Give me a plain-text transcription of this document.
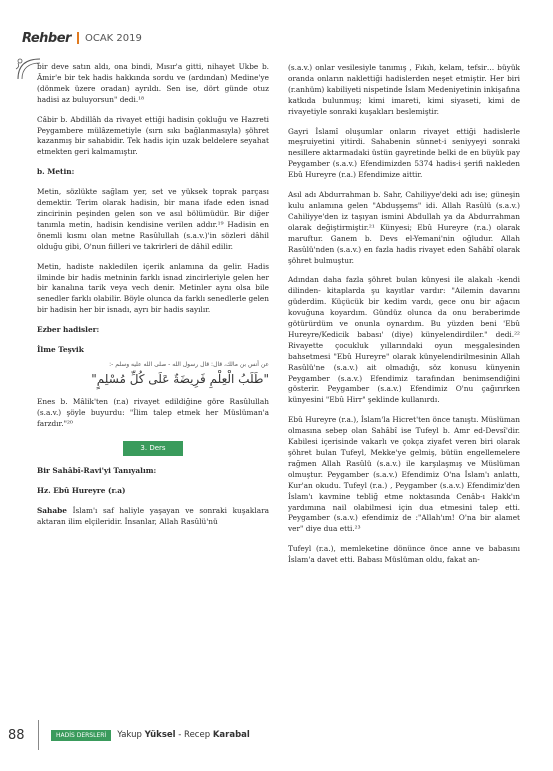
Rehber OCAK 2019

bir deve satın aldı, ona bindi, Mısır'a gitti, nihayet Ukbe b. Âmir'e bir tek hadis hakkında sordu ve (ardından) Medine'ye (dönmek üzere oradan) ayrıldı. Sen ise, dört günde otuz hadisi az buluyorsun" dedi.¹⁸

Câbir b. Abdillâh da rivayet ettiği hadisin çokluğu ve Hazreti Peygambere mülâzemetiyle (sırn sıkı bağlanmasıyla) şöhret kazanmış bir sahabidir. Tek hadis için uzak beldelere seyahat etmekten geri kalmamıştır.

b. Metin:

Metin, sözlükte sağlam yer, set ve yüksek toprak parçası demektir. Terim olarak hadisin, bir mana ifade eden isnad zincirinin peşinden gelen son ve asıl bölümüdür. Bir diğer tanımla metin, hadisin kendisine verilen addır.¹⁹ Hadisin en önemli kısmı olan metne Rasûlullah (s.a.v.)'in sözleri dâhil olduğu gibi, O'nun fiilleri ve takrirleri de dâhil edilir.

Metin, hadiste nakledilen içerik anlamına da gelir. Hadis ilminde bir hadis metninin farklı isnad zincirleriyle gelen her bir kanalına tarik veya vech denir. Metinler aynı olsa bile senedler farklı olabilir. Böyle olunca da farklı senedlerle gelen bir hadisin her bir isnadı, ayrı bir hadis sayılır.

Ezber hadisler:

İlme Teşvik

عن أنس بن مالك، قال: قال رسول الله - صلى الله عليه وسلم -:
"طَلَبُ الْعِلْمِ فَرِيضَةٌ عَلَى كُلِّ مُسْلِمٍ"

Enes b. Mâlik'ten (r.a) rivayet edildiğine göre Rasûlullah (s.a.v.) şöyle buyurdu: "İlim talep etmek her Müslüman'a farzdır."²⁰

3. Ders

Bir Sahâbî-Ravi'yi Tanıyalım:

Hz. Ebû Hureyre (r.a)

Sahabe İslam'ı saf haliyle yaşayan ve sonraki kuşaklara aktaran ilim elçileridir. İnsanlar, Allah Rasûlü'nü

(s.a.v.) onlar vesilesiyle tanımış , Fıkıh, kelam, tefsir… büyük oranda onların naklettiği hadislerden neşet etmiştir. Her biri (r.anhüm) kabiliyeti nispetinde İslam Medeniyetinin inkişafına katkıda bulunmuş; kimi imareti, kimi siyaseti, kimi de rivayetiyle sonraki kuşakları beslemiştir.

Gayri İslamî oluşumlar onların rivayet ettiği hadislerle meşruiyetini yitirdi. Sahabenin sünnet-i seniyyeyi sonraki nesillere aktarmadaki üstün gayretinde belki de en büyük pay Peygamber (s.a.v.) Efendimizden 5374 hadis-i şerifi nakleden Ebû Hureyre (r.a.) Efendimize aittir.

Asıl adı Abdurrahman b. Sahr, Cahiliyye'deki adı ise; güneşin kulu anlamına gelen "Abduşşems" idi. Allah Rasûlü (s.a.v.) Cahiliyye'den iz taşıyan ismini Abdullah ya da Abdurrahman olarak değiştirmiştir.²¹ Künyesi; Ebû Hureyre (r.a.) olarak maruftur. Ganem b. Devs el-Yemani'nin oğludur. Allah Rasûlü'nden (s.a.v.) en fazla hadis rivayet eden Sahâbî olarak şöhret bulmuştur.

Adından daha fazla şöhret bulan künyesi ile alakalı -kendi dilinden- kitaplarda şu kayıtlar vardır: "Ailemin davarını güderdim. Küçücük bir kedim vardı, gece onu bir ağacın kovuğuna koyardım. Gündüz olunca da onu beraberimde götürürdüm ve onunla oynardım. Bu yüzden beni 'Ebû Hureyre/Kedicik babası' (diye) künyelendirdiler." dedi.²² Rivayette çocukluk yıllarındaki oyun meşgalesinden bahsetmesi "Ebû Hureyre" olarak künyelendirilmesinin Allah Rasûlü'ne (s.a.v.) ait olmadığı, söz konusu künyenin Peygamber (s.a.v.) Efendimiz tarafından benimsendiğini gösterir. Peygamber (s.a.v.) Efendimiz O'nu çağırırken künyesini "Ebû Hirr" şeklinde kullanırdı.

Ebû Hureyre (r.a.), İslam'la Hicret'ten önce tanıştı. Müslüman olmasına sebep olan Sahâbî ise Tufeyl b. Amr ed-Devsî'dir. Kabilesi içerisinde vakarlı ve çokça ziyafet veren biri olarak şöhret bulan Tufeyl, Mekke'ye gelmiş, bütün engellemelere rağmen Allah Rasûlü (s.a.v.) ile karşılaşmış ve Müslüman olmuştur. Peygamber (s.a.v.) Efendimiz O'na İslam'ı anlattı, Kur'an okudu. Tufeyl (r.a.) , Peygamber (s.a.v.) Efendimiz'den İslam'ı kavmine tebliğ etme noktasında Cenâb-ı Hakk'ın yardımına nail olabilmesi için dua etmesini talep etti. Peygamber (s.a.v.) efendimiz de :"Allah'ım! O'na bir alamet ver" diye dua etti.²³

Tufeyl (r.a.), memleketine dönünce önce anne ve babasını İslam'a davet etti. Babası Müslüman oldu, fakat an-

88	HADİS DERSLERİ	Yakup Yüksel - Recep Karabal
